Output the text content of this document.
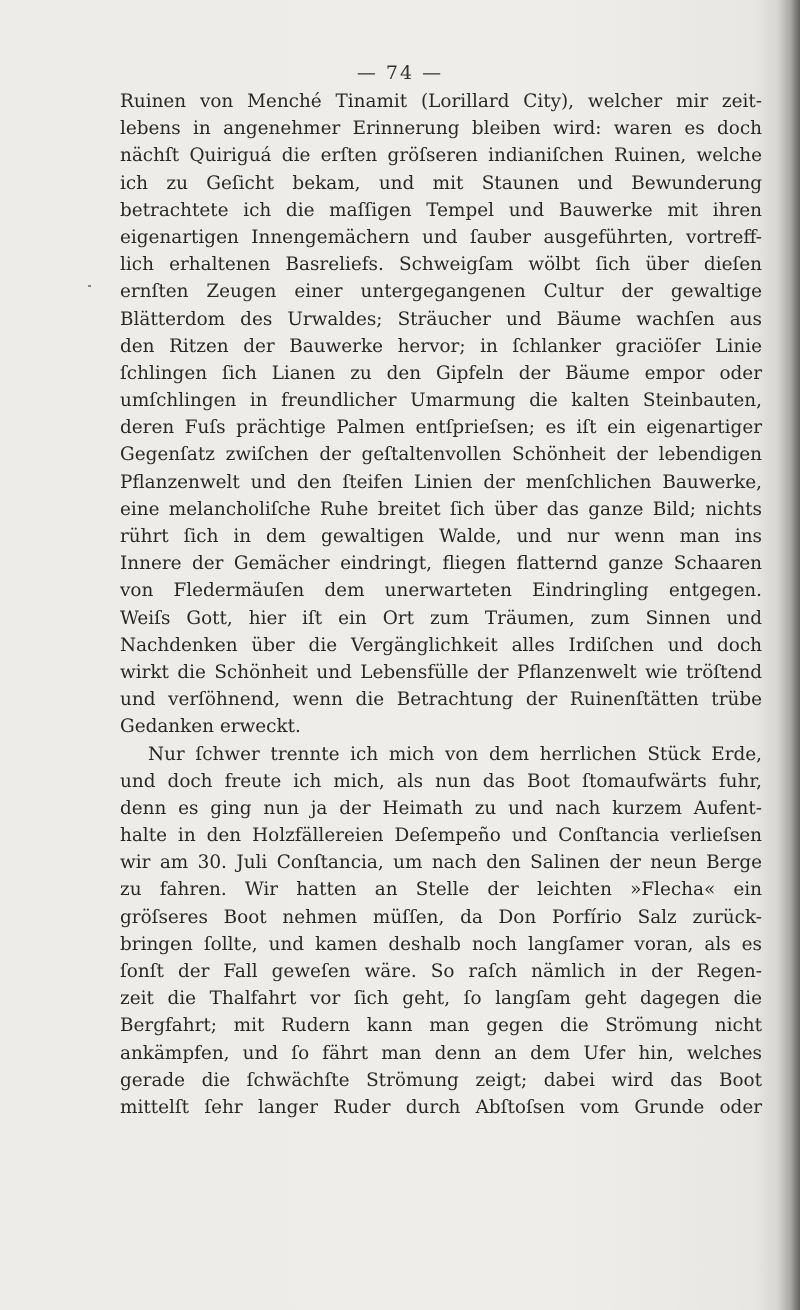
— 74 —
Ruinen von Menché Tinamit (Lorillard City), welcher mir zeit-
lebens in angenehmer Erinnerung bleiben wird: waren es doch
nächſt Quiriguá die erſten gröſseren indianiſchen Ruinen, welche
ich zu Geſicht bekam, und mit Staunen und Bewunderung
betrachtete ich die maſſigen Tempel und Bauwerke mit ihren
eigenartigen Innengemächern und ſauber ausgeführten, vortreff-
lich erhaltenen Basreliefs. Schweigſam wölbt ſich über dieſen
ernſten Zeugen einer untergegangenen Cultur der gewaltige
Blätterdom des Urwaldes; Sträucher und Bäume wachſen aus
den Ritzen der Bauwerke hervor; in ſchlanker graciöſer Linie
ſchlingen ſich Lianen zu den Gipfeln der Bäume empor oder
umſchlingen in freundlicher Umarmung die kalten Steinbauten,
deren Fuſs prächtige Palmen entſprieſsen; es iſt ein eigenartiger
Gegenſatz zwiſchen der geſtaltenvollen Schönheit der lebendigen
Pflanzenwelt und den ſteifen Linien der menſchlichen Bauwerke,
eine melancholiſche Ruhe breitet ſich über das ganze Bild; nichts
rührt ſich in dem gewaltigen Walde, und nur wenn man ins
Innere der Gemächer eindringt, fliegen flatternd ganze Schaaren
von Fledermäuſen dem unerwarteten Eindringling entgegen.
Weiſs Gott, hier iſt ein Ort zum Träumen, zum Sinnen und
Nachdenken über die Vergänglichkeit alles Irdiſchen und doch
wirkt die Schönheit und Lebensfülle der Pflanzenwelt wie tröſtend
und verſöhnend, wenn die Betrachtung der Ruinenſtätten trübe
Gedanken erweckt.
Nur ſchwer trennte ich mich von dem herrlichen Stück Erde,
und doch freute ich mich, als nun das Boot ſtomaufwärts fuhr,
denn es ging nun ja der Heimath zu und nach kurzem Aufent-
halte in den Holzfällereien Deſempeño und Conſtancia verlieſsen
wir am 30. Juli Conſtancia, um nach den Salinen der neun Berge
zu fahren. Wir hatten an Stelle der leichten »Flecha« ein
gröſseres Boot nehmen müſſen, da Don Porfírio Salz zurück-
bringen ſollte, und kamen deshalb noch langſamer voran, als es
ſonſt der Fall geweſen wäre. So raſch nämlich in der Regen-
zeit die Thalfahrt vor ſich geht, ſo langſam geht dagegen die
Bergfahrt; mit Rudern kann man gegen die Strömung nicht
ankämpfen, und ſo fährt man denn an dem Ufer hin, welches
gerade die ſchwächſte Strömung zeigt; dabei wird das Boot
mittelſt ſehr langer Ruder durch Abſtoſsen vom Grunde oder
